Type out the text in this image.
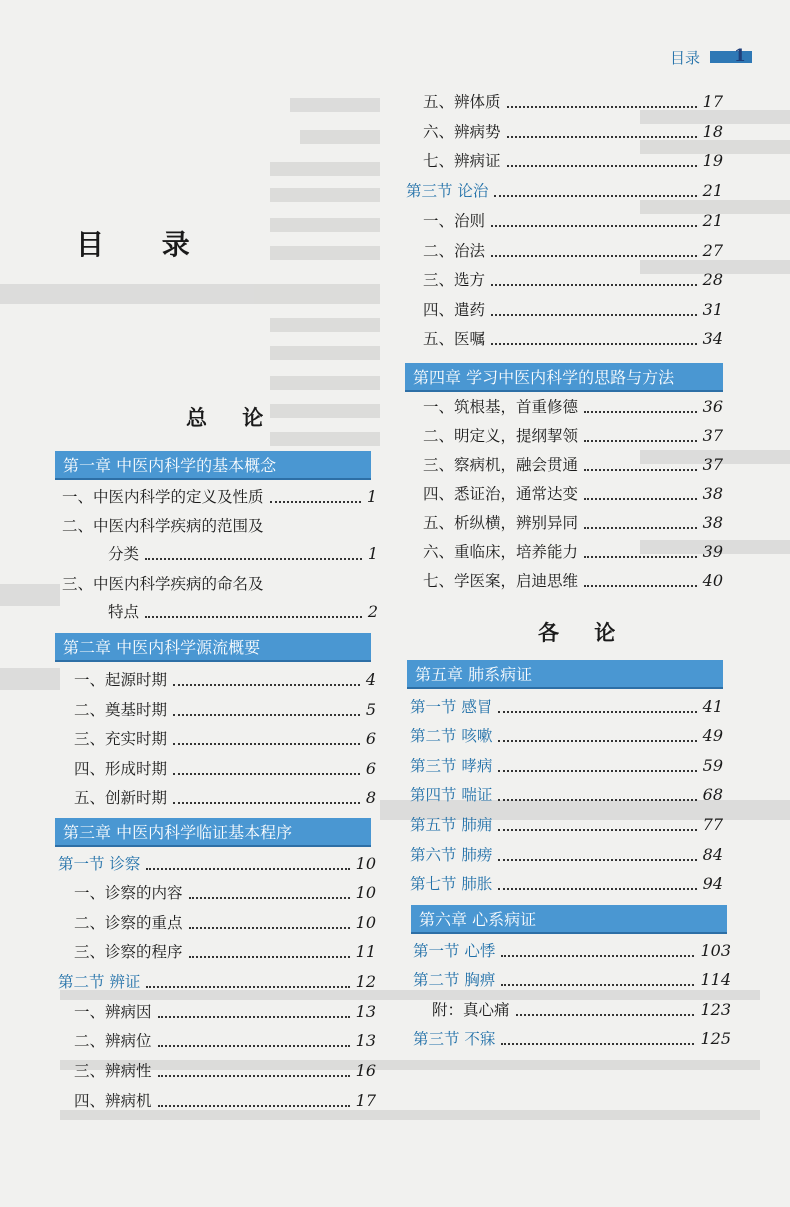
目录 1
目 录
总 论
各 论
第一章 中医内科学的基本概念
一、中医内科学的定义及性质	1
二、中医内科学疾病的范围及
分类	1
三、中医内科学疾病的命名及
特点	2
第二章 中医内科学源流概要
一、起源时期	4
二、奠基时期	5
三、充实时期	6
四、形成时期	6
五、创新时期	8
第三章 中医内科学临证基本程序
第一节 诊察	10
一、诊察的内容	10
二、诊察的重点	10
三、诊察的程序	11
第二节 辨证	12
一、辨病因	13
二、辨病位	13
三、辨病性	16
四、辨病机	17
五、辨体质	17
六、辨病势	18
七、辨病证	19
第三节 论治	21
一、治则	21
二、治法	27
三、选方	28
四、遣药	31
五、医嘱	34
第四章 学习中医内科学的思路与方法
一、筑根基，首重修德	36
二、明定义，提纲挈领	37
三、察病机，融会贯通	37
四、悉证治，通常达变	38
五、析纵横，辨别异同	38
六、重临床，培养能力	39
七、学医案，启迪思维	40
第五章 肺系病证
第一节 感冒	41
第二节 咳嗽	49
第三节 哮病	59
第四节 喘证	68
第五节 肺痈	77
第六节 肺痨	84
第七节 肺胀	94
第六章 心系病证
第一节 心悸	103
第二节 胸痹	114
附：真心痛	123
第三节 不寐	125
